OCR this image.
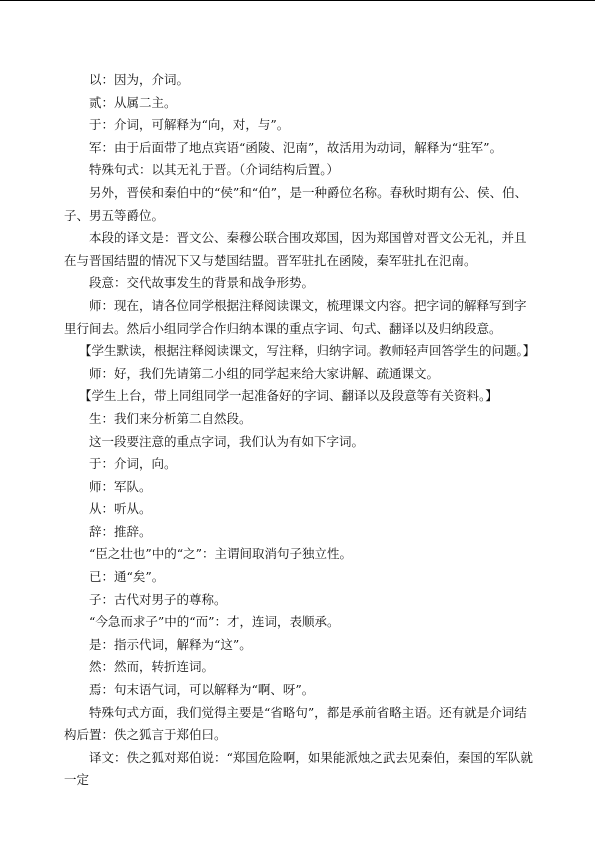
以：因为，介词。

贰：从属二主。

于：介词，可解释为“向，对，与”。

军：由于后面带了地点宾语“函陵、氾南”，故活用为动词，解释为“驻军”。

特殊句式：以其无礼于晋。（介词结构后置。）

另外，晋侯和秦伯中的“侯”和“伯”，是一种爵位名称。春秋时期有公、侯、伯、子、男五等爵位。

本段的译文是：晋文公、秦穆公联合围攻郑国，因为郑国曾对晋文公无礼，并且在与晋国结盟的情况下又与楚国结盟。晋军驻扎在函陵，秦军驻扎在氾南。

段意：交代故事发生的背景和战争形势。

师：现在，请各位同学根据注释阅读课文，梳理课文内容。把字词的解释写到字里行间去。然后小组同学合作归纳本课的重点字词、句式、翻译以及归纳段意。

【学生默读，根据注释阅读课文，写注释，归纳字词。教师轻声回答学生的问题。】

师：好，我们先请第二小组的同学起来给大家讲解、疏通课文。

【学生上台，带上同组同学一起准备好的字词、翻译以及段意等有关资料。】

生：我们来分析第二自然段。

这一段要注意的重点字词，我们认为有如下字词。

于：介词，向。

师：军队。

从：听从。

辞：推辞。

“臣之壮也”中的“之”：主谓间取消句子独立性。

已：通“矣”。

子：古代对男子的尊称。

“今急而求子”中的“而”：才，连词，表顺承。

是：指示代词，解释为“这”。

然：然而，转折连词。

焉：句末语气词，可以解释为“啊、呀”。

特殊句式方面，我们觉得主要是“省略句”，都是承前省略主语。还有就是介词结构后置：佚之狐言于郑伯曰。

译文：佚之狐对郑伯说：“郑国危险啊，如果能派烛之武去见秦伯，秦国的军队就一定
